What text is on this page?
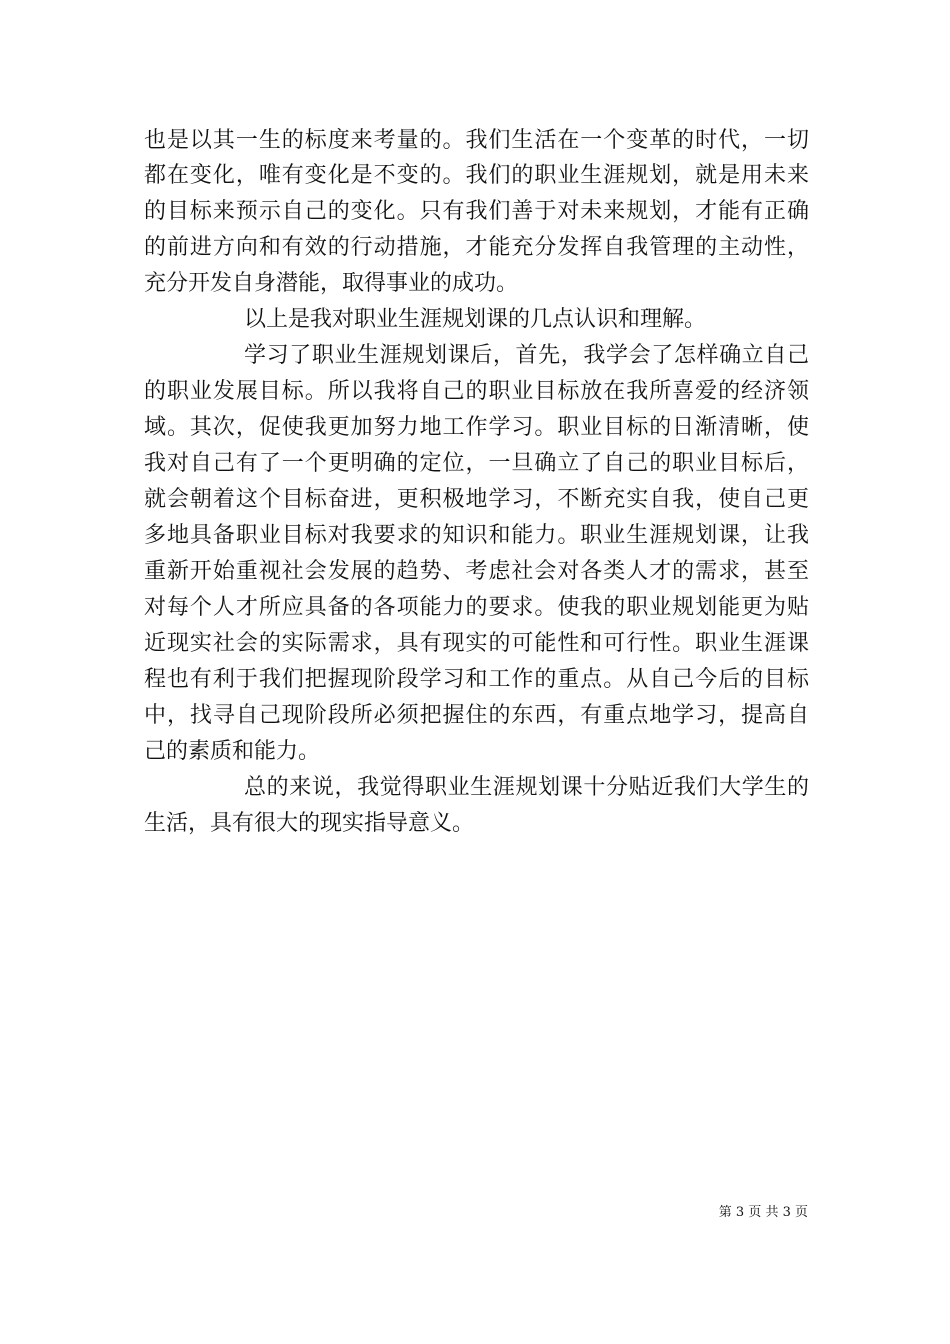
也是以其一生的标度来考量的。我们生活在一个变革的时代，一切
都在变化，唯有变化是不变的。我们的职业生涯规划，就是用未来
的目标来预示自己的变化。只有我们善于对未来规划，才能有正确
的前进方向和有效的行动措施，才能充分发挥自我管理的主动性，
充分开发自身潜能，取得事业的成功。
以上是我对职业生涯规划课的几点认识和理解。
学习了职业生涯规划课后，首先，我学会了怎样确立自己
的职业发展目标。所以我将自己的职业目标放在我所喜爱的经济领
域。其次，促使我更加努力地工作学习。职业目标的日渐清晰，使
我对自己有了一个更明确的定位，一旦确立了自己的职业目标后，
就会朝着这个目标奋进，更积极地学习，不断充实自我，使自己更
多地具备职业目标对我要求的知识和能力。职业生涯规划课，让我
重新开始重视社会发展的趋势、考虑社会对各类人才的需求，甚至
对每个人才所应具备的各项能力的要求。使我的职业规划能更为贴
近现实社会的实际需求，具有现实的可能性和可行性。职业生涯课
程也有利于我们把握现阶段学习和工作的重点。从自己今后的目标
中，找寻自己现阶段所必须把握住的东西，有重点地学习，提高自
己的素质和能力。
总的来说，我觉得职业生涯规划课十分贴近我们大学生的
生活，具有很大的现实指导意义。
第 3 页 共 3 页
